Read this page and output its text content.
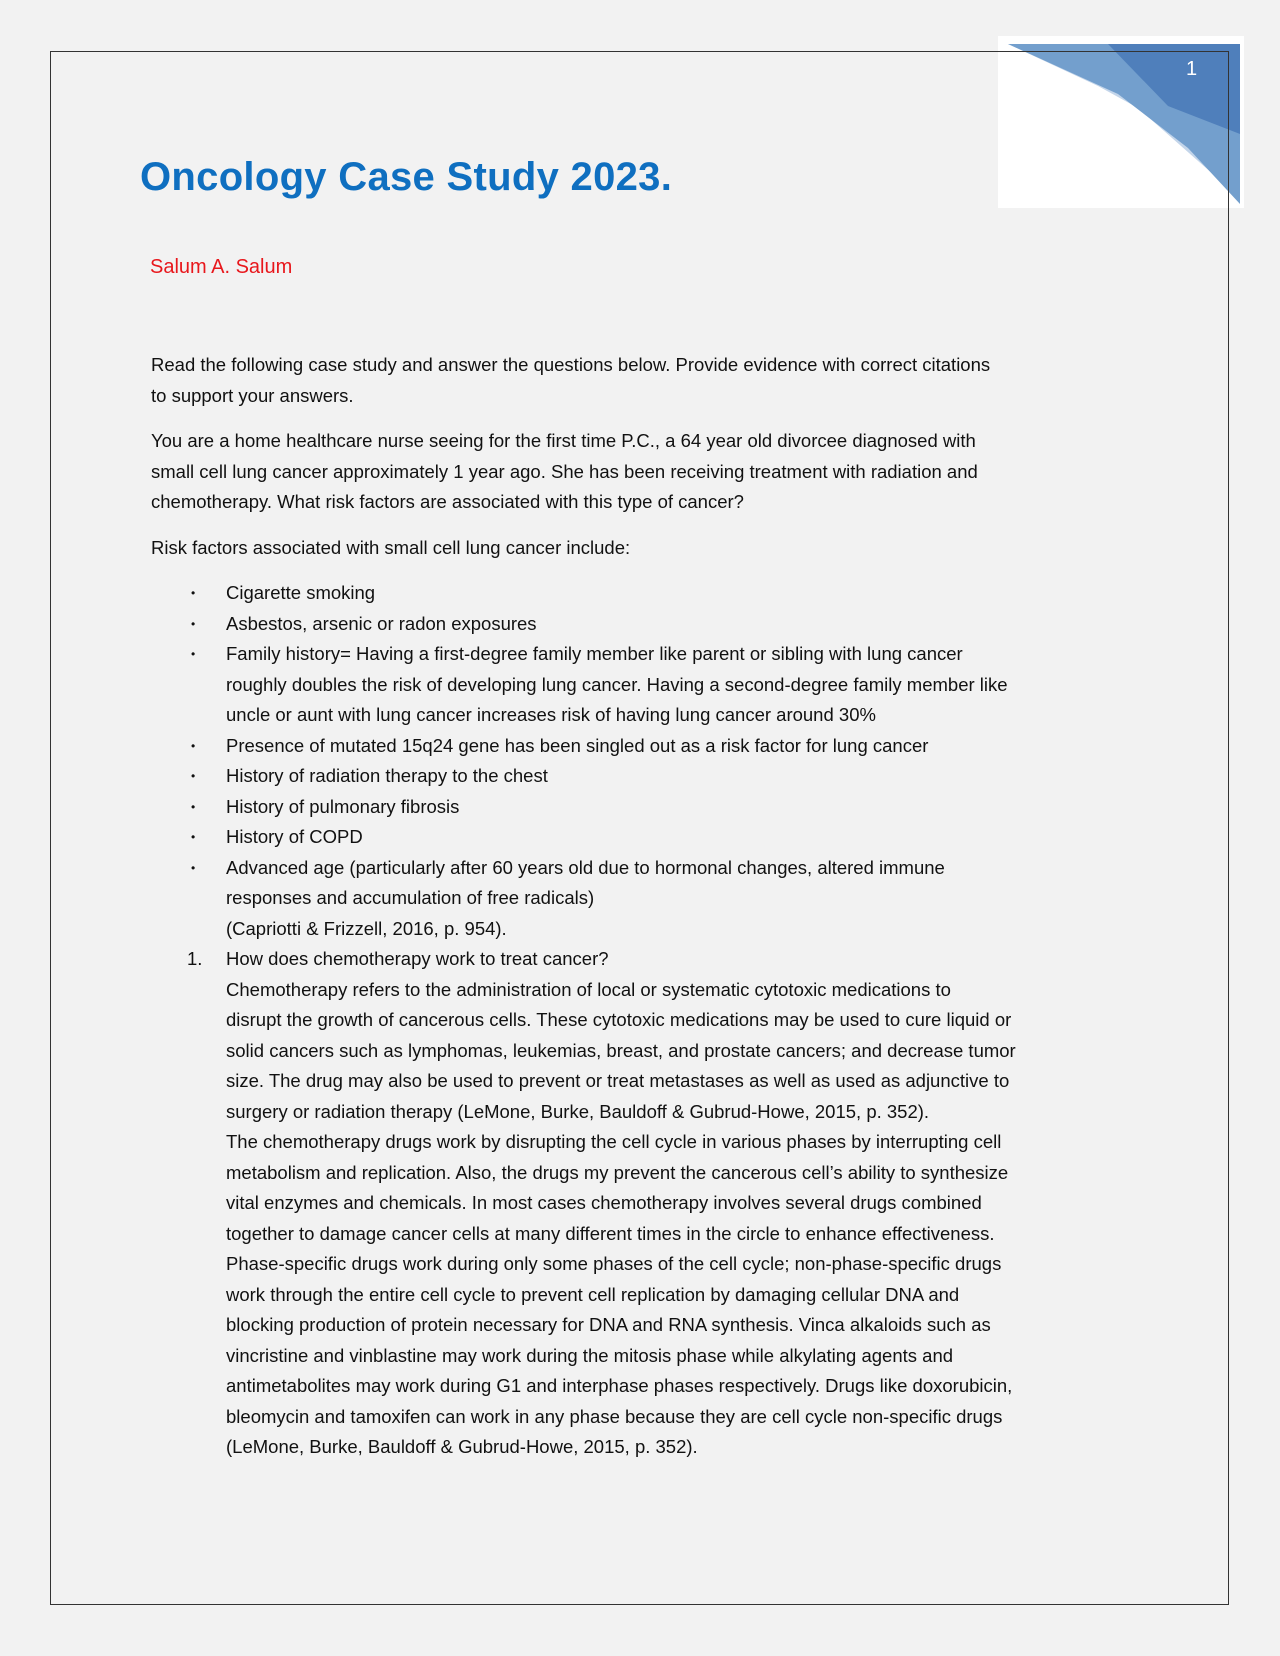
1
Oncology Case Study 2023.
Salum A. Salum

Read the following case study and answer the questions below. Provide evidence with correct citations
to support your answers.

You are a home healthcare nurse seeing for the first time P.C., a 64 year old divorcee diagnosed with
small cell lung cancer approximately 1 year ago. She has been receiving treatment with radiation and
chemotherapy. What risk factors are associated with this type of cancer?

Risk factors associated with small cell lung cancer include:

• Cigarette smoking
• Asbestos, arsenic or radon exposures
• Family history= Having a first-degree family member like parent or sibling with lung cancer
roughly doubles the risk of developing lung cancer. Having a second-degree family member like
uncle or aunt with lung cancer increases risk of having lung cancer around 30%
• Presence of mutated 15q24 gene has been singled out as a risk factor for lung cancer
• History of radiation therapy to the chest
• History of pulmonary fibrosis
• History of COPD
• Advanced age (particularly after 60 years old due to hormonal changes, altered immune
responses and accumulation of free radicals)
(Capriotti & Frizzell, 2016, p. 954).
1. How does chemotherapy work to treat cancer?
Chemotherapy refers to the administration of local or systematic cytotoxic medications to
disrupt the growth of cancerous cells. These cytotoxic medications may be used to cure liquid or
solid cancers such as lymphomas, leukemias, breast, and prostate cancers; and decrease tumor
size. The drug may also be used to prevent or treat metastases as well as used as adjunctive to
surgery or radiation therapy (LeMone, Burke, Bauldoff & Gubrud-Howe, 2015, p. 352).
The chemotherapy drugs work by disrupting the cell cycle in various phases by interrupting cell
metabolism and replication. Also, the drugs my prevent the cancerous cell’s ability to synthesize
vital enzymes and chemicals. In most cases chemotherapy involves several drugs combined
together to damage cancer cells at many different times in the circle to enhance effectiveness.
Phase-specific drugs work during only some phases of the cell cycle; non-phase-specific drugs
work through the entire cell cycle to prevent cell replication by damaging cellular DNA and
blocking production of protein necessary for DNA and RNA synthesis. Vinca alkaloids such as
vincristine and vinblastine may work during the mitosis phase while alkylating agents and
antimetabolites may work during G1 and interphase phases respectively. Drugs like doxorubicin,
bleomycin and tamoxifen can work in any phase because they are cell cycle non-specific drugs
(LeMone, Burke, Bauldoff & Gubrud-Howe, 2015, p. 352).
